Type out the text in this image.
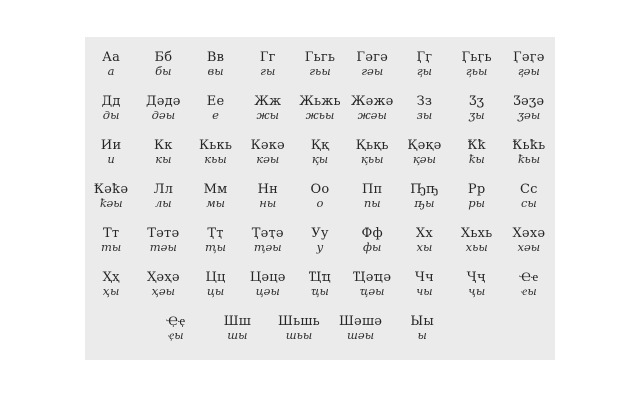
Аа
а
Бб
бы
Вв
вы
Гг
гы
Гьгь
гьы
Гәгә
гәы
Ӷӷ
ӷы
Ӷьӷь
ӷьы
Ӷәӷә
ӷәы
Дд
ды
Дәдә
дәы
Ее
е
Жж
жы
Жьжь
жьы
Жәжә
жәы
Зз
зы
Ӡӡ
ӡы
Ӡәӡә
ӡәы
Ии
и
Кк
кы
Кькь
кьы
Кәкә
кәы
Ққ
қы
Қьқь
қьы
Қәқә
қәы
Ҟҟ
ҟы
Ҟьҟь
ҟьы
Ҟәҟә
ҟәы
Лл
лы
Мм
мы
Нн
ны
Оо
о
Пп
пы
Ҧҧ
ҧы
Рр
ры
Сс
сы
Тт
ты
Тәтә
тәы
Ҭҭ
ҭы
Ҭәҭә
ҭәы
Уу
у
Фф
фы
Хх
хы
Хьхь
хьы
Хәхә
хәы
Ҳҳ
ҳы
Ҳәҳә
ҳәы
Цц
цы
Цәцә
цәы
Ҵҵ
ҵы
Ҵәҵә
ҵәы
Чч
чы
Ҷҷ
ҷы
Ҽҽ
ҽы
Ҿҿ
ҿы
Шш
шы
Шьшь
шьы
Шәшә
шәы
Ыы
ы
